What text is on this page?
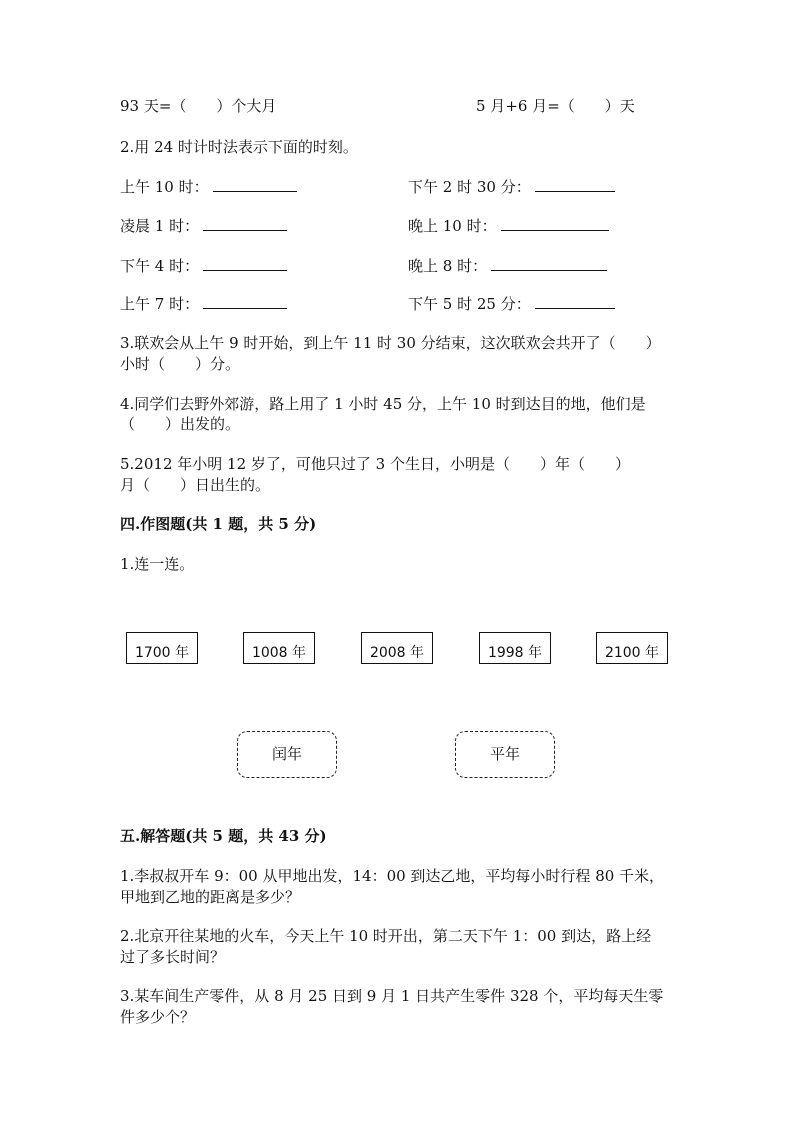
93 天=（　　）个大月	5 月+6 月=（　　）天
2.用 24 时计时法表示下面的时刻。
上午 10 时：	下午 2 时 30 分：
凌晨 1 时：	晚上 10 时：
下午 4 时：	晚上 8 时：
上午 7 时：	下午 5 时 25 分：
3.联欢会从上午 9 时开始，到上午 11 时 30 分结束，这次联欢会共开了（　　）
小时（　　）分。
4.同学们去野外郊游，路上用了 1 小时 45 分，上午 10 时到达目的地，他们是
（　　）出发的。
5.2012 年小明 12 岁了，可他只过了 3 个生日，小明是（　　）年（　　）
月（　　）日出生的。
四.作图题(共 1 题，共 5 分)
1.连一连。
1700 年	1008 年	2008 年	1998 年	2100 年
闰年	平年
五.解答题(共 5 题，共 43 分)
1.李叔叔开车 9：00 从甲地出发，14：00 到达乙地，平均每小时行程 80 千米，
甲地到乙地的距离是多少？
2.北京开往某地的火车，今天上午 10 时开出，第二天下午 1：00 到达，路上经
过了多长时间？
3.某车间生产零件，从 8 月 25 日到 9 月 1 日共产生零件 328 个，平均每天生零
件多少个？
